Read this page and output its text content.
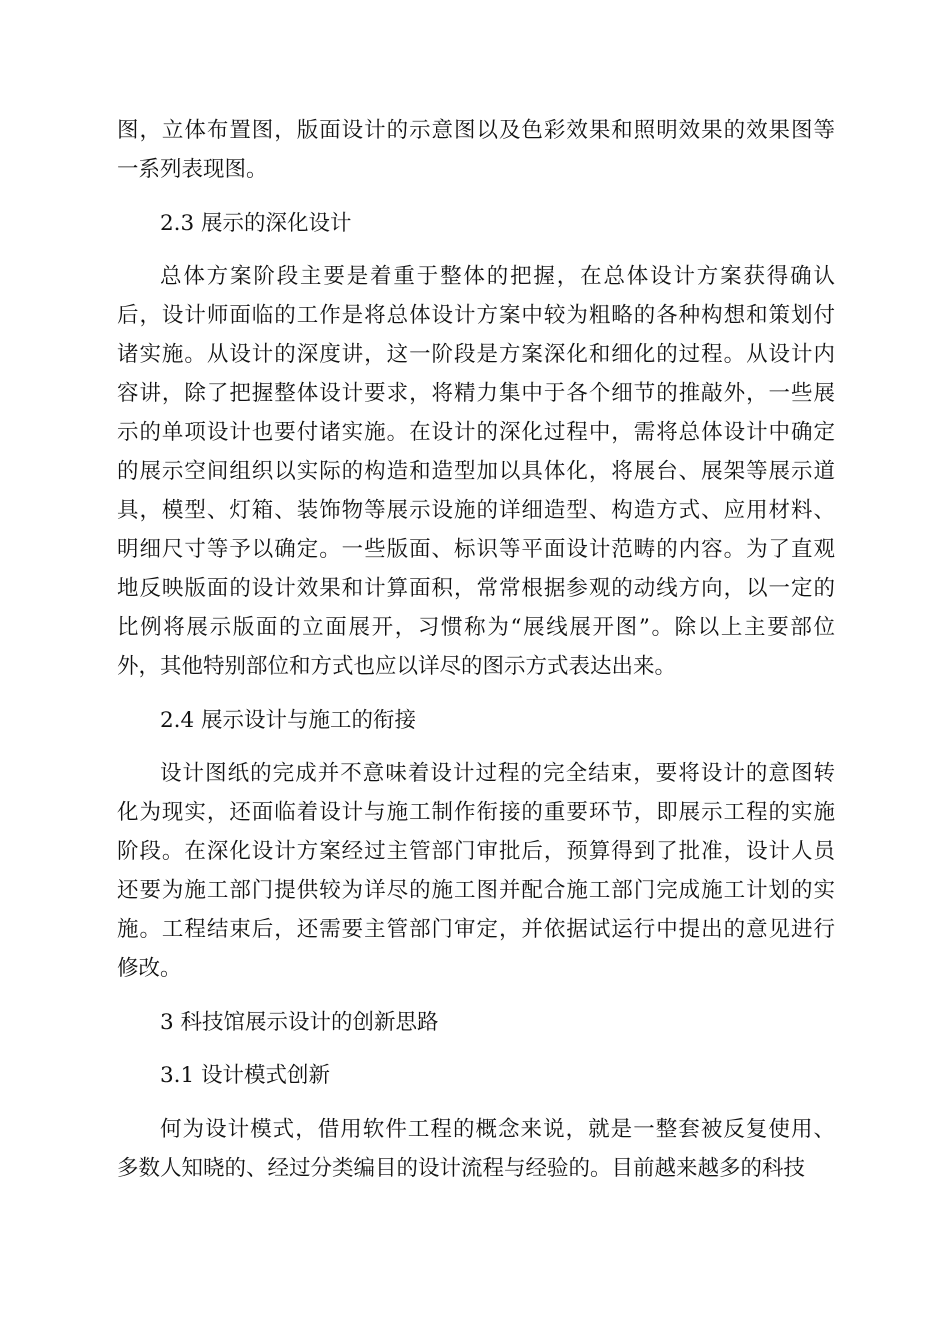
图，立体布置图，版面设计的示意图以及色彩效果和照明效果的效果图等
一系列表现图。
2.3 展示的深化设计
总体方案阶段主要是着重于整体的把握，在总体设计方案获得确认
后，设计师面临的工作是将总体设计方案中较为粗略的各种构想和策划付
诸实施。从设计的深度讲，这一阶段是方案深化和细化的过程。从设计内
容讲，除了把握整体设计要求，将精力集中于各个细节的推敲外，一些展
示的单项设计也要付诸实施。在设计的深化过程中，需将总体设计中确定
的展示空间组织以实际的构造和造型加以具体化，将展台、展架等展示道
具，模型、灯箱、装饰物等展示设施的详细造型、构造方式、应用材料、
明细尺寸等予以确定。一些版面、标识等平面设计范畴的内容。为了直观
地反映版面的设计效果和计算面积，常常根据参观的动线方向，以一定的
比例将展示版面的立面展开，习惯称为“展线展开图”。除以上主要部位
外，其他特别部位和方式也应以详尽的图示方式表达出来。
2.4 展示设计与施工的衔接
设计图纸的完成并不意味着设计过程的完全结束，要将设计的意图转
化为现实，还面临着设计与施工制作衔接的重要环节，即展示工程的实施
阶段。在深化设计方案经过主管部门审批后，预算得到了批准，设计人员
还要为施工部门提供较为详尽的施工图并配合施工部门完成施工计划的实
施。工程结束后，还需要主管部门审定，并依据试运行中提出的意见进行
修改。
3 科技馆展示设计的创新思路
3.1 设计模式创新
何为设计模式，借用软件工程的概念来说，就是一整套被反复使用、
多数人知晓的、经过分类编目的设计流程与经验的。目前越来越多的科技
